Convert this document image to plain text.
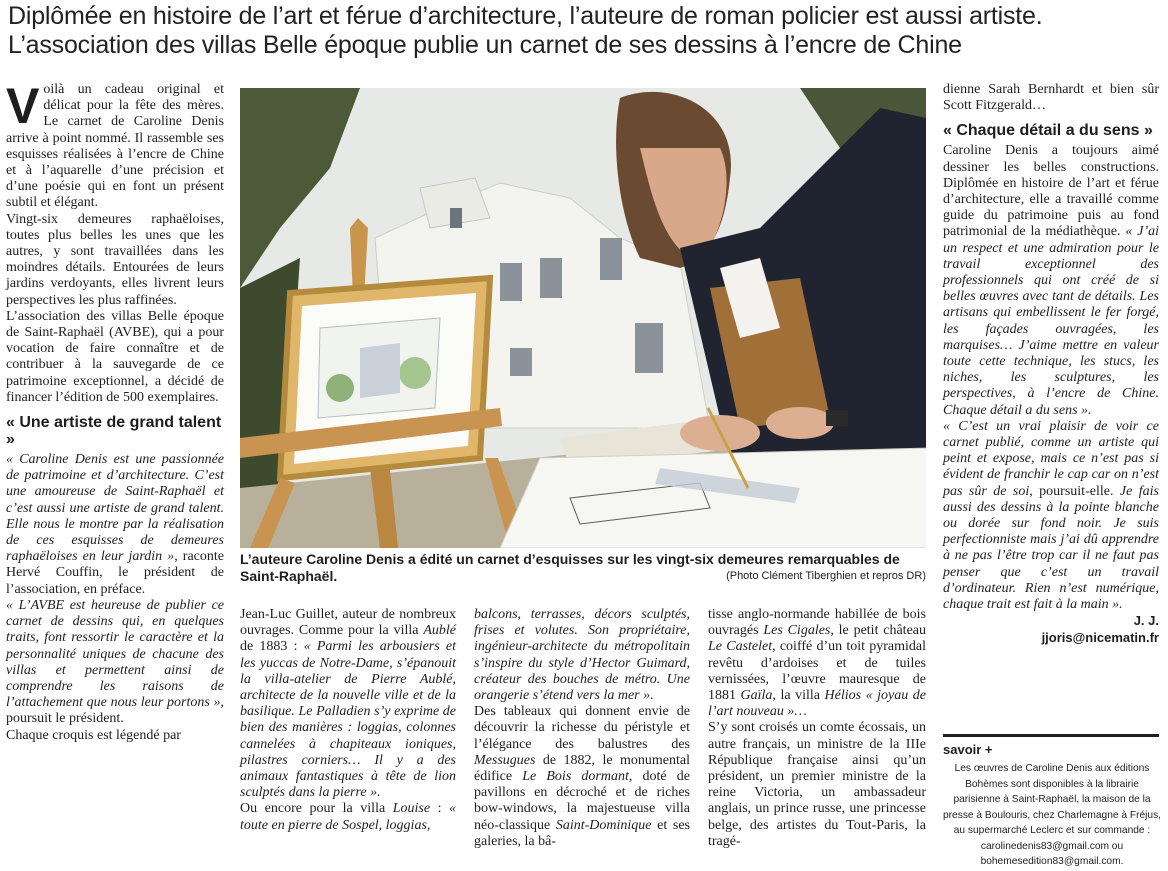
Diplômée en histoire de l’art et férue d’architecture, l’auteure de roman policier est aussi artiste. L’association des villas Belle époque publie un carnet de ses dessins à l’encre de Chine

Voilà un cadeau original et délicat pour la fête des mères. Le carnet de Caroline Denis arrive à point nommé. Il rassemble ses esquisses réalisées à l’encre de Chine et à l’aquarelle d’une précision et d’une poésie qui en font un présent subtil et élégant.

Vingt-six demeures raphaëloises, toutes plus belles les unes que les autres, y sont travaillées dans les moindres détails. Entourées de leurs jardins verdoyants, elles livrent leurs perspectives les plus raffinées.

L’association des villas Belle époque de Saint-Raphaël (AVBE), qui a pour vocation de faire connaître et de contribuer à la sauvegarde de ce patrimoine exceptionnel, a décidé de financer l’édition de 500 exemplaires.

« Une artiste de grand talent »

« Caroline Denis est une passionnée de patrimoine et d’architecture. C’est une amoureuse de Saint-Raphaël et c’est aussi une artiste de grand talent. Elle nous le montre par la réalisation de ces esquisses de demeures raphaëloises en leur jardin », raconte Hervé Couffin, le président de l’association, en préface.

« L’AVBE est heureuse de publier ce carnet de dessins qui, en quelques traits, font ressortir le caractère et la personnalité uniques de chacune des villas et permettent ainsi de comprendre les raisons de l’attachement que nous leur portons », poursuit le président.

Chaque croquis est légendé par

L’auteure Caroline Denis a édité un carnet d’esquisses sur les vingt-six demeures remarquables de Saint-Raphaël.	(Photo Clément Tiberghien et repros DR)

Jean-Luc Guillet, auteur de nombreux ouvrages. Comme pour la villa Aublé de 1883 : « Parmi les arbousiers et les yuccas de Notre-Dame, s’épanouit la villa-atelier de Pierre Aublé, architecte de la nouvelle ville et de la basilique. Le Palladien s’y exprime de bien des manières : loggias, colonnes cannelées à chapiteaux ioniques, pilastres corniers… Il y a des animaux fantastiques à tête de lion sculptés dans la pierre ».

Ou encore pour la villa Louise : « toute en pierre de Sospel, loggias,

balcons, terrasses, décors sculptés, frises et volutes. Son propriétaire, ingénieur-architecte du métropolitain s’inspire du style d’Hector Guimard, créateur des bouches de métro. Une orangerie s’étend vers la mer ».

Des tableaux qui donnent envie de découvrir la richesse du péristyle et l’élégance des balustres des Messugues de 1882, le monumental édifice Le Bois dormant, doté de pavillons en décroché et de riches bow-windows, la majestueuse villa néo-classique Saint-Dominique et ses galeries, la bâ-

tisse anglo-normande habillée de bois ouvragés Les Cigales, le petit château Le Castelet, coiffé d’un toit pyramidal revêtu d’ardoises et de tuiles vernissées, l’œuvre mauresque de 1881 Gaïla, la villa Hélios « joyau de l’art nouveau »…

S’y sont croisés un comte écossais, un autre français, un ministre de la IIIe République française ainsi qu’un président, un premier ministre de la reine Victoria, un ambassadeur anglais, un prince russe, une princesse belge, des artistes du Tout-Paris, la tragé-

dienne Sarah Bernhardt et bien sûr Scott Fitzgerald…

« Chaque détail a du sens »

Caroline Denis a toujours aimé dessiner les belles constructions. Diplômée en histoire de l’art et férue d’architecture, elle a travaillé comme guide du patrimoine puis au fond patrimonial de la médiathèque. « J’ai un respect et une admiration pour le travail exceptionnel des professionnels qui ont créé de si belles œuvres avec tant de détails. Les artisans qui embellissent le fer forgé, les façades ouvragées, les marquises… J’aime mettre en valeur toute cette technique, les stucs, les niches, les sculptures, les perspectives, à l’encre de Chine. Chaque détail a du sens ».

« C’est un vrai plaisir de voir ce carnet publié, comme un artiste qui peint et expose, mais ce n’est pas si évident de franchir le cap car on n’est pas sûr de soi, poursuit-elle. Je fais aussi des dessins à la pointe blanche ou dorée sur fond noir. Je suis perfectionniste mais j’ai dû apprendre à ne pas l’être trop car il ne faut pas penser que c’est un travail d’ordinateur. Rien n’est numérique, chaque trait est fait à la main ».

J. J.
jjoris@nicematin.fr
savoir +

Les œuvres de Caroline Denis aux éditions Bohèmes sont disponibles à la librairie parisienne à Saint-Raphaël, la maison de la presse à Boulouris, chez Charlemagne à Fréjus, au supermarché Leclerc et sur commande : carolinedenis83@gmail.com ou bohemesedition83@gmail.com.
